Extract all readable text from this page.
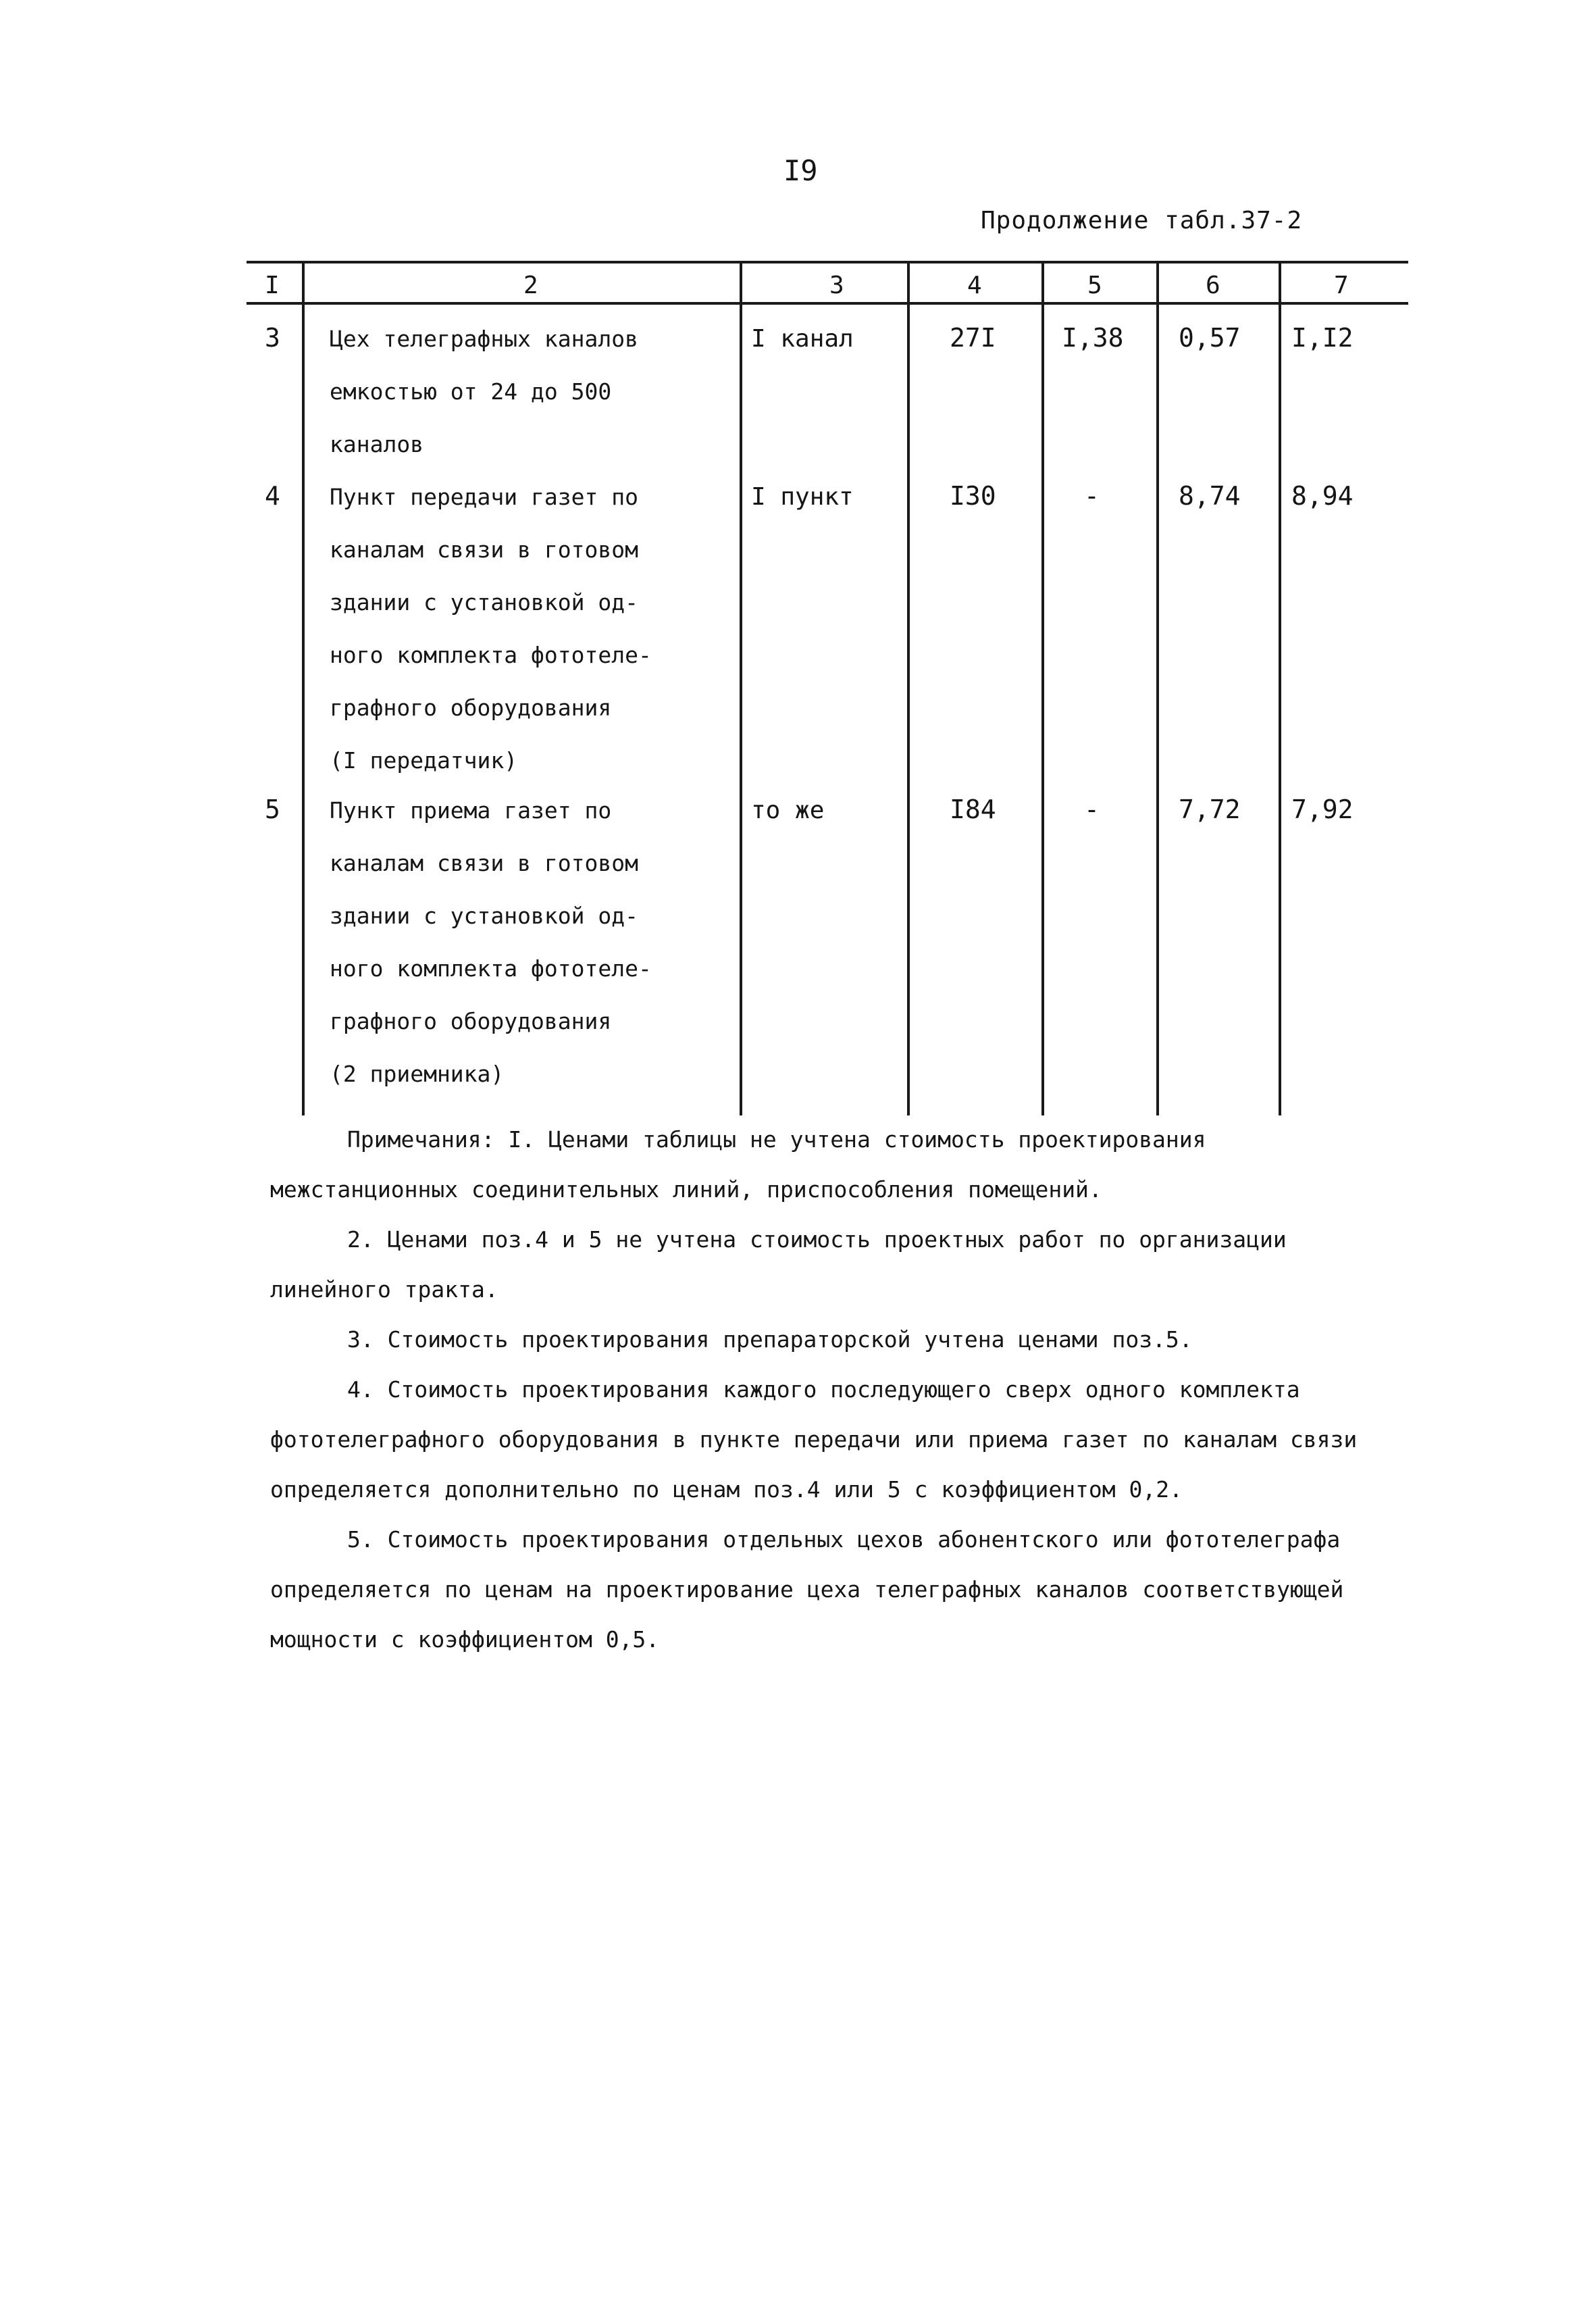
I9
Продолжение табл.37-2
I	2	3	4	5	6	7
3 Цех телеграфных каналов
емкостью от 24 до 500
каналов
I канал	27I	I,38 0,57 I,I2
4 Пункт передачи газет по
каналам связи в готовом
здании с установкой од-
ного комплекта фототеле-
графного оборудования
(I передатчик)
I пункт	I30	-	8,74 8,94
5 Пункт приема газет по
каналам связи в готовом
здании с установкой од-
ного комплекта фототеле-
графного оборудования
(2 приемника)
то же	I84	-	7,72 7,92

Примечания: I. Ценами таблицы не учтена стоимость проектирования межстанционных соединительных линий, приспособления помещений.

2. Ценами поз.4 и 5 не учтена стоимость проектных работ по организации линейного тракта.

3. Стоимость проектирования препараторской учтена ценами поз.5.

4. Стоимость проектирования каждого последующего сверх одного комплекта фототелеграфного оборудования в пункте передачи или приема газет по каналам связи определяется дополнительно по ценам поз.4 или 5 с коэффициентом 0,2.

5. Стоимость проектирования отдельных цехов абонентского или фототелеграфа определяется по ценам на проектирование цеха телеграфных каналов соответствующей мощности с коэффициентом 0,5.
